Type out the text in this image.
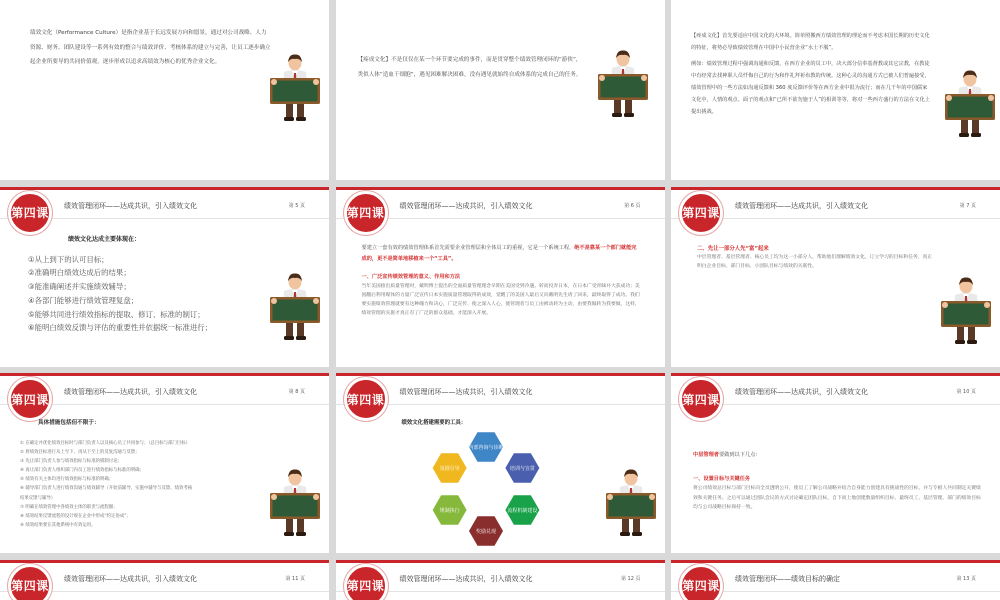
绩效文化（Performance Culture）是指企业基于长远发展方向和愿景，通过对公司战略、人力资源、财务、团队建设等一系列有效的整合与绩效评价、考核体系的建立与完善，让员工逐步确立起企业所要导的共同价值观，逐步形成以追求高绩效为核心的优秀企业文化。	【疼成文化】不是仅仅在某一个环节要完成的事件，而是贯穿整个绩效管理闭环的“游侠”，类似人体“造血干细胞”，遇见困难解决困难，没有遇见就始终自成体系的完成自己的任务。
【疼成文化】首先要适应中国文化的大环境。简单照搬西方绩效管理的理论而不考虑本国长期的历史文化的特征，将势必导致绩效管理在中国中小民营企业“水土不服”。
例如：绩效管理过程中强调沟通和反馈，在西方企业的员工中，决大部分信奉基督教或其它宗教，在教徒中有经常去找神职人员忏悔自己的行为和作礼拜祈布教的传统。这种心灵的沟通方式已被人们普遍接受，绩效管理中的一些方法如沟通反馈和 360 度反馈评价等在西方企业中很为流行；而在几千年的中国儒家文化中，人情的观点、面子的观点和“已所不欲勿施于人”的相训等等，将对一些西方盛行的方法在文化上提出挑战。
第四课
绩效管理闭环——达成共识，引入绩效文化	第 5 页
绩效文化达成主要体现在：
①从上到下的认可目标；
②准确明白绩效达成后的结果；
③能准确阐述并实施绩效辅导；
④各部门能够进行绩效管理复盘；
⑤能够共同进行绩效指标的提取、修订、标准的制订；
⑥能明白绩效反馈与评估的重要性并依据统一标准进行；
第四课
绩效管理闭环——达成共识，引入绩效文化	第 6 页
要建立一套有效的绩效管理体系首先需要企业管理层和全体员工的重视，它是一个系统工程，绝不是靠某一个部门就能完成的，更不是简单地移植来一个“工具”。
一、广泛宣传绩效管理的意义、作用和方法
当年美国推出质量管理时，戴明博士提出的全面质量管理理念早期在美国受到冷遇。转而投奔日本，在日本广受青睐并大获成功；美国翻后利用媒体的力量广泛宣传日本实施质量管理取得的成效，觉醒了的美国人最后又向戴明先生请了回来，最终取得了成功。我们要实施绩效管理就要有这种魄力和决心，广泛宣传、使之深入人心，使管理者与员工由被动转为主动，由要我做转为我要做，这样，绩效管理的实施才真正有了广泛的群众基础，才能深入开展。
第四课
绩效管理闭环——达成共识，引入绩效文化	第 7 页
二、先让一部分人先“富”起来
中层管理者、基层管理者、核心员工均为这一小部分人，帮助他们理解绩效文化，订立学习的目标和任务，真正明白企业目标、部门目标、小团队目标与绩效的关联性。
第四课
绩效管理闭环——达成共识，引入绩效文化	第 8 页
具体措施包括但不限于：
① 在确定并优化绩效目标时与部门负责人以及核心员工共同参与；（总目标与部门目标）
② 将绩效目标进行从上至下、再从下至上的反复沟通与反馈；
③ 先让部门负责人参与绩效指标与标准的模制讨论；
④ 再让部门负责人组织部门内员工进行绩效指标与标准的明确；
⑤ 绩效有关主体均进行绩效指标与标准的明确；
⑥ 辅导部门负责人进行绩效沟通与绩效辅导（开始前辅导、实施中辅导与反馈、绩效考核
结果反馈与辅导）
⑦ 明确在绩效管理中各绩效主体的职责与流程圈；
⑧ 绩效结果反馈流程的设计规在企业中形成“约定俗成”；
⑨ 绩效结果要在其他系统中有效运用。
第四课
绩效管理闭环——达成共识，引入绩效文化
绩效文化搭建需要的工具：
内部咨询与诊断
培训与宣贯
流程机制建设
奖励兑现
规制执行
氛围引导
第四课
绩效管理闭环——达成共识，引入绩效文化	第 10 页
中层管理者要做到以下几点：
一、设置目标与关键任务
将公司绩效总目标与部门目标向全员透明公开，使员工了解公司战略并结合自身能力创建具有挑战性的目标，并与专板人共同制定关键绩效和关键任务。之后可以通过团队会议的方式讨论确定团队目标，自下而上地创建数量组织目标、最终员工、基层管理、部门的绩效目标均与公司战略目标保持一致。
第四课
绩效管理闭环——达成共识，引入绩效文化	第 11 页
第四课
绩效管理闭环——达成共识，引入绩效文化	第 12 页
第四课
绩效管理闭环——绩效目标的确定	第 13 页
